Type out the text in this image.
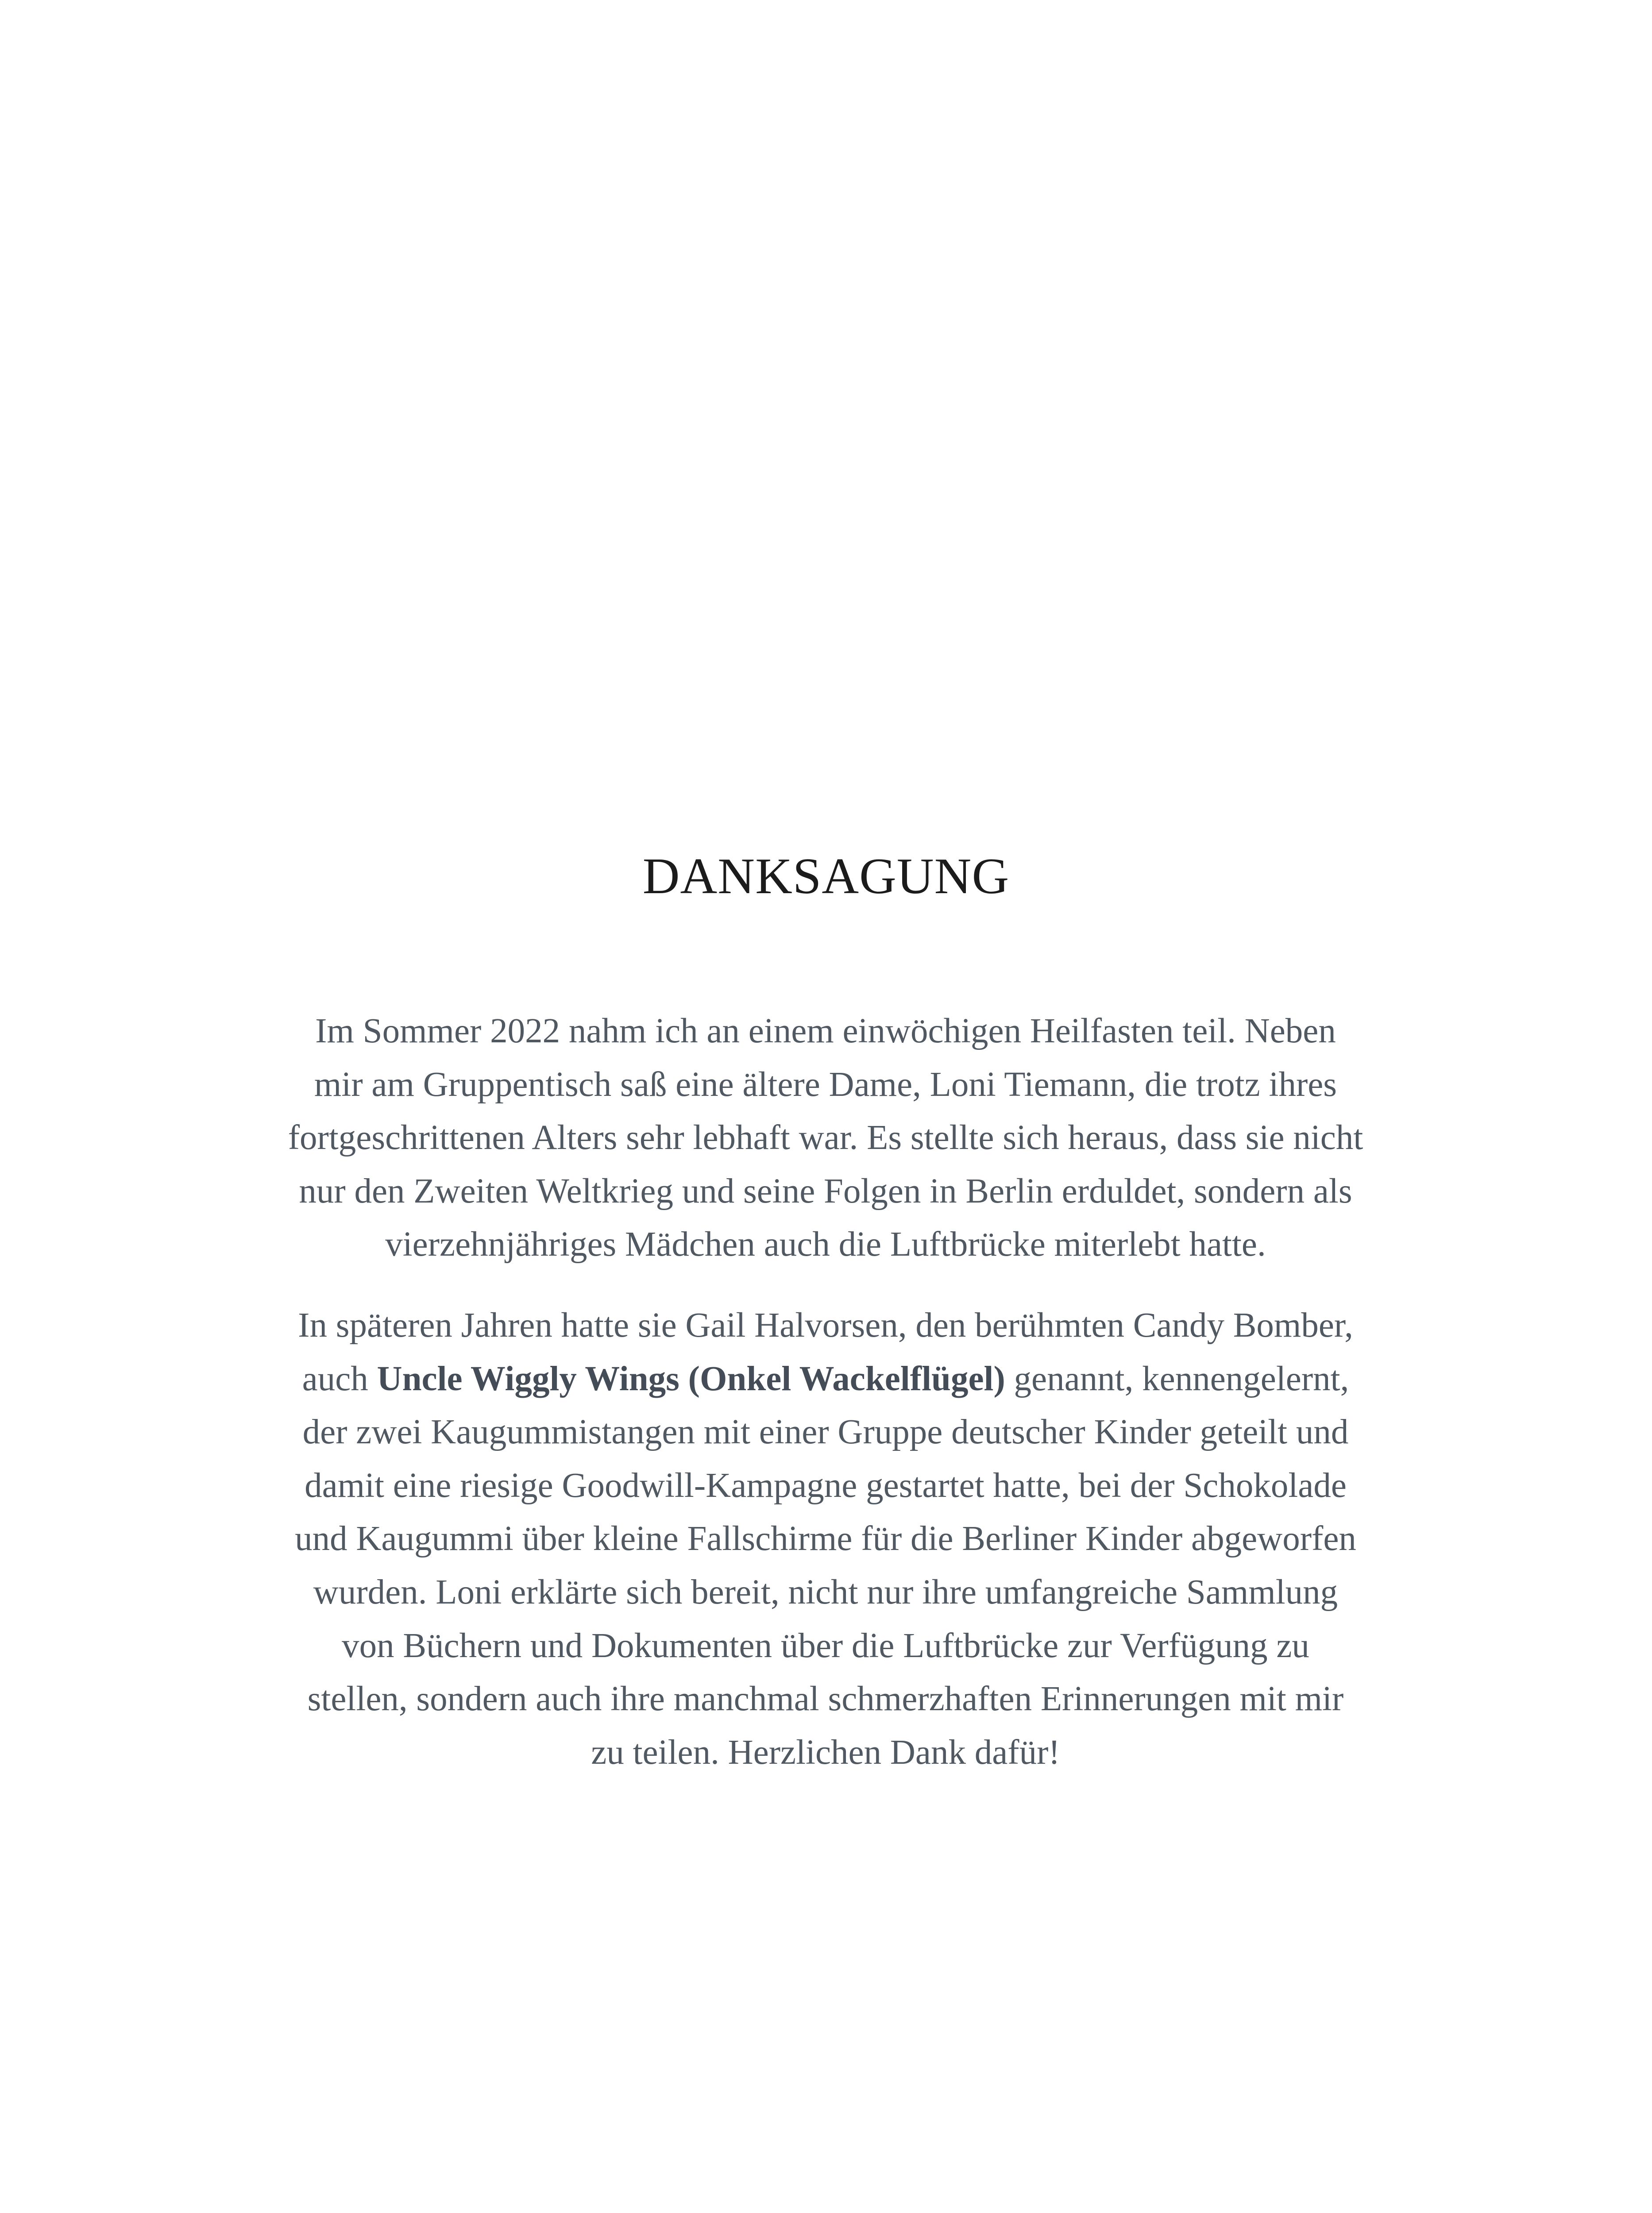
DANKSAGUNG

Im Sommer 2022 nahm ich an einem einwöchigen Heilfasten teil. Neben
mir am Gruppentisch saß eine ältere Dame, Loni Tiemann, die trotz ihres
fortgeschrittenen Alters sehr lebhaft war. Es stellte sich heraus, dass sie nicht
nur den Zweiten Weltkrieg und seine Folgen in Berlin erduldet, sondern als
vierzehnjähriges Mädchen auch die Luftbrücke miterlebt hatte.

In späteren Jahren hatte sie Gail Halvorsen, den berühmten Candy Bomber,
auch Uncle Wiggly Wings (Onkel Wackelflügel) genannt, kennengelernt,
der zwei Kaugummistangen mit einer Gruppe deutscher Kinder geteilt und
damit eine riesige Goodwill-Kampagne gestartet hatte, bei der Schokolade
und Kaugummi über kleine Fallschirme für die Berliner Kinder abgeworfen
wurden. Loni erklärte sich bereit, nicht nur ihre umfangreiche Sammlung
von Büchern und Dokumenten über die Luftbrücke zur Verfügung zu
stellen, sondern auch ihre manchmal schmerzhaften Erinnerungen mit mir
zu teilen. Herzlichen Dank dafür!
